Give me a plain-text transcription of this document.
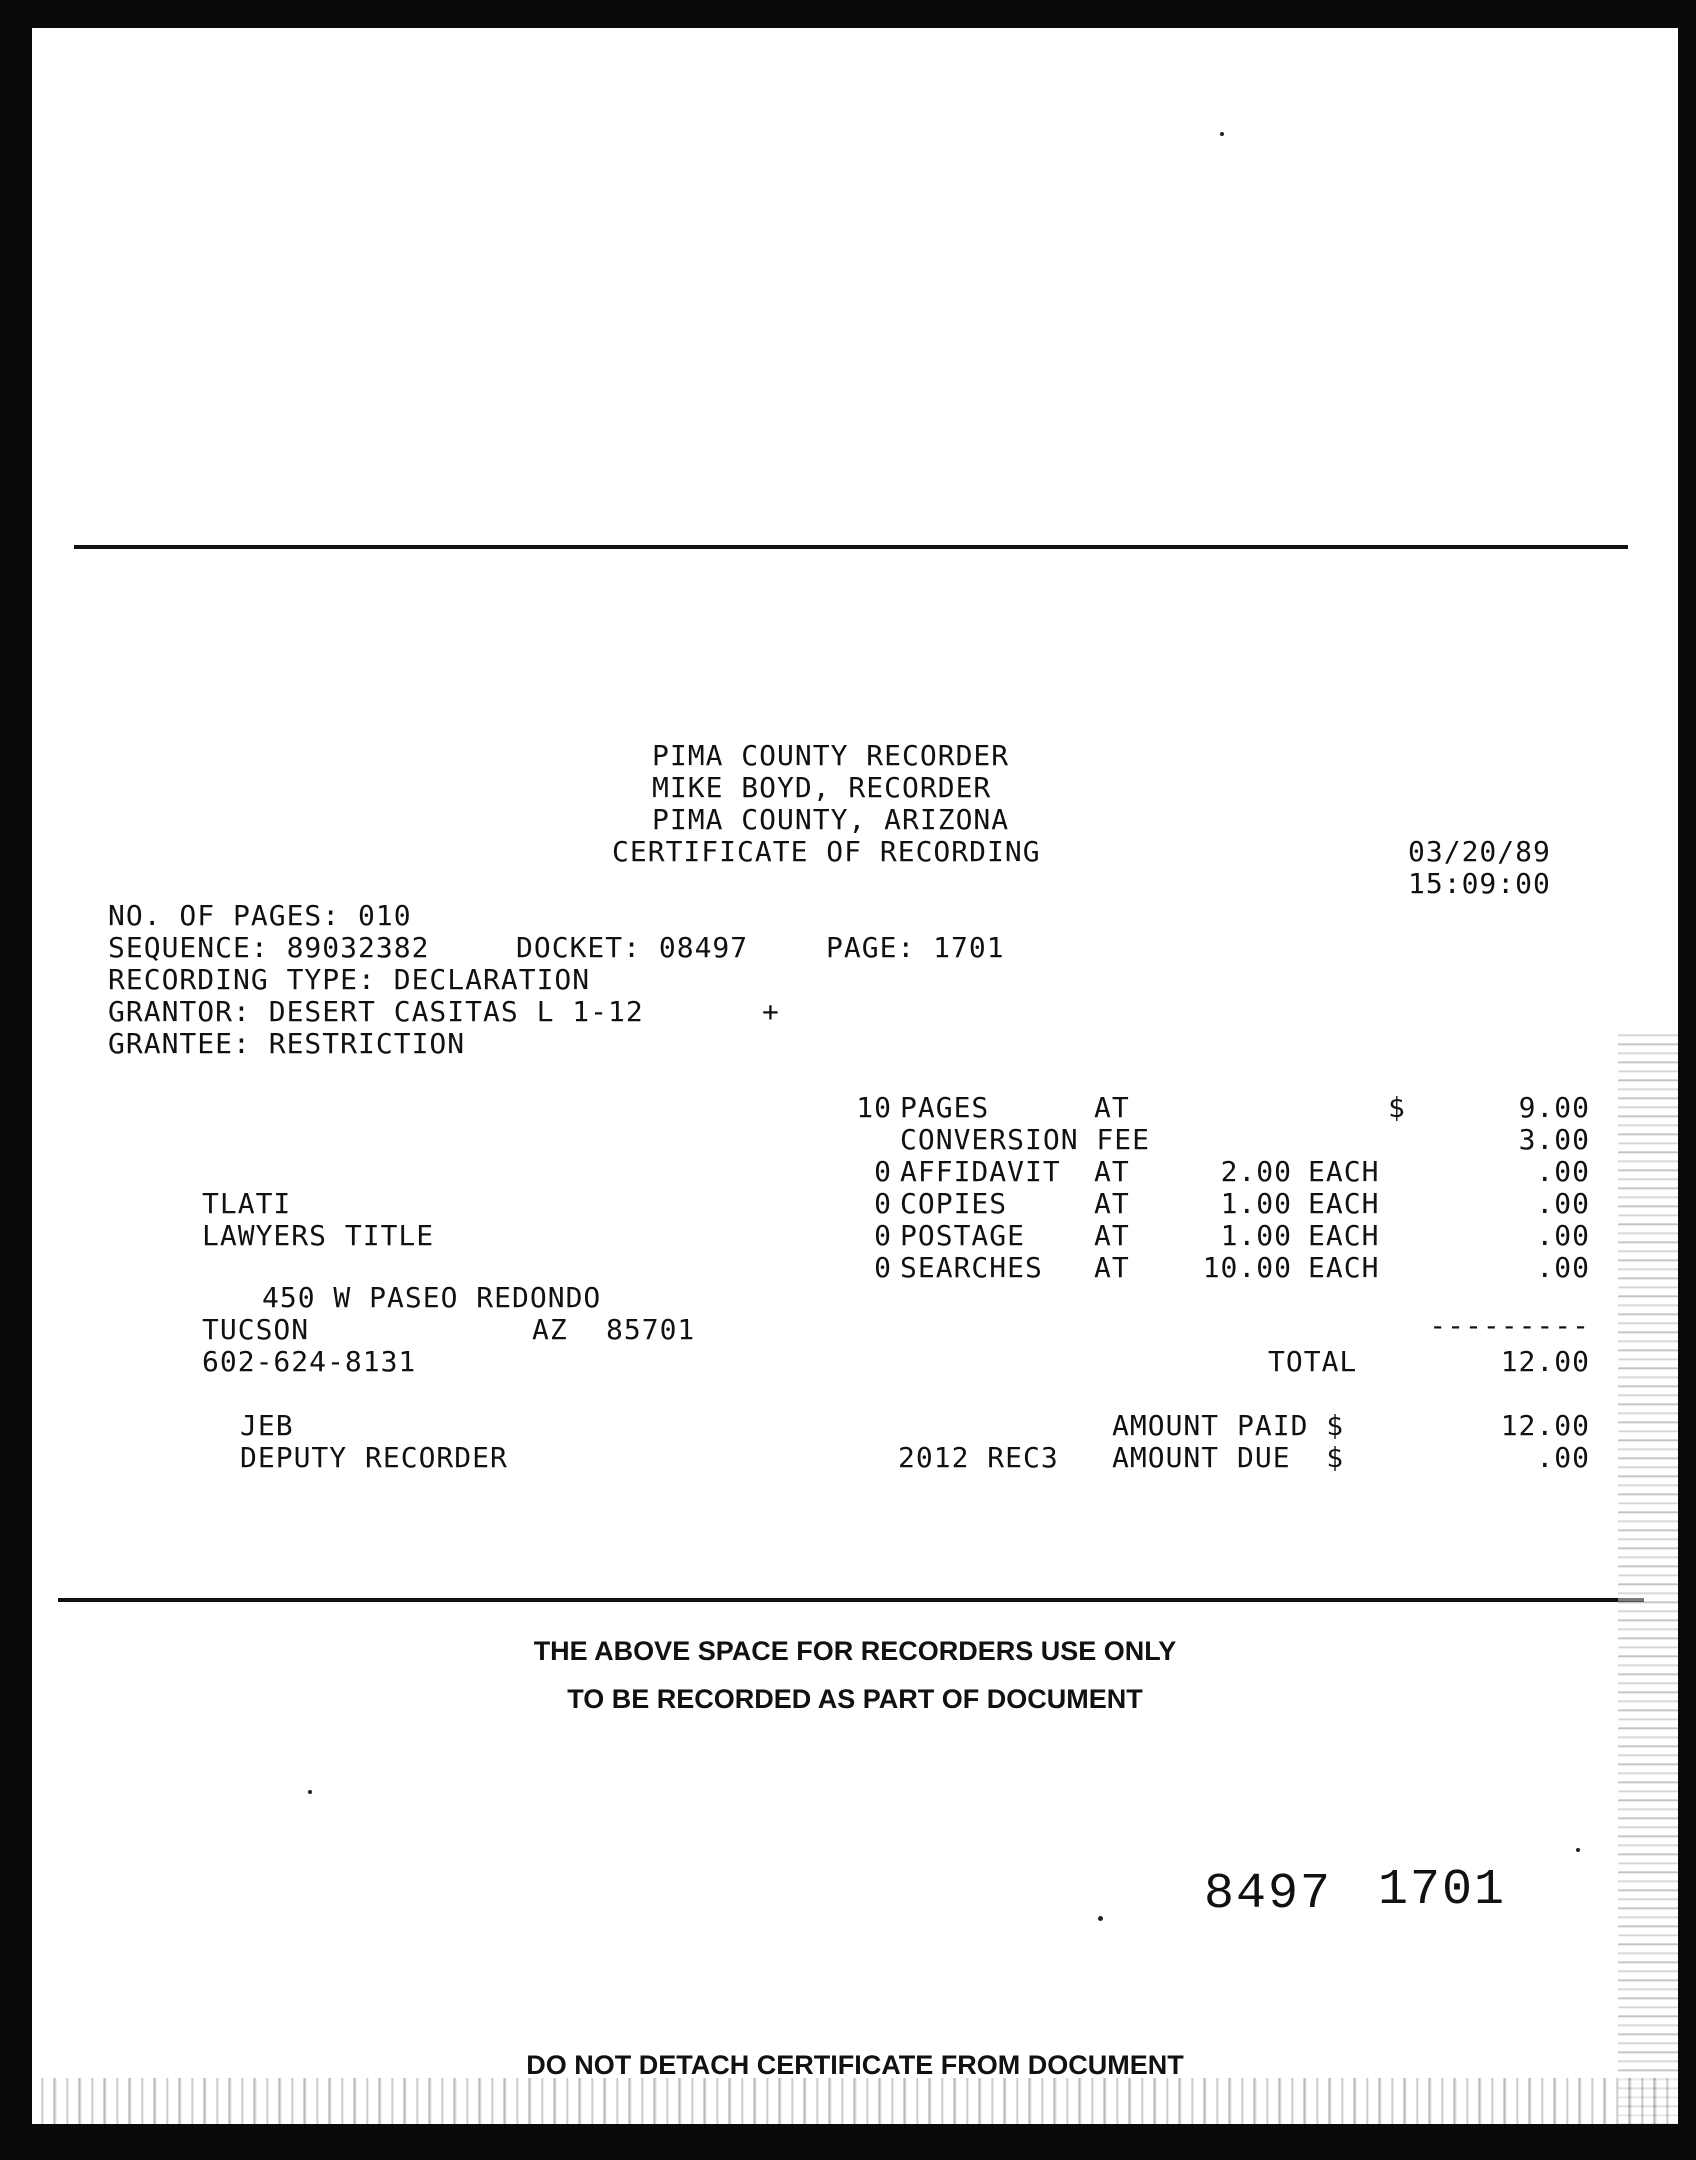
PIMA COUNTY RECORDER
MIKE BOYD, RECORDER
PIMA COUNTY, ARIZONA
CERTIFICATE OF RECORDING	03/20/89
15:09:00
NO. OF PAGES: 010
SEQUENCE: 89032382	DOCKET: 08497	PAGE: 1701
RECORDING TYPE: DECLARATION
GRANTOR: DESERT CASITAS L 1-12	+
GRANTEE: RESTRICTION
TLATI
LAWYERS TITLE
450 W PASEO REDONDO
TUCSON	AZ 85701
602-624-8131
---------
TOTAL	12.00
JEB	AMOUNT PAID $	12.00
DEPUTY RECORDER	2012 REC3 AMOUNT DUE  $	.00
THE ABOVE SPACE FOR RECORDERS USE ONLY
TO BE RECORDED AS PART OF DOCUMENT
8497 1701
DO NOT DETACH CERTIFICATE FROM DOCUMENT
10 PAGES	AT	$	9.00
CONVERSION FEE	3.00
0 AFFIDAVIT AT	2.00 EACH	.00
0 COPIES	AT	1.00 EACH	.00
0 POSTAGE AT	1.00 EACH	.00
0 SEARCHES AT	10.00 EACH	.00
